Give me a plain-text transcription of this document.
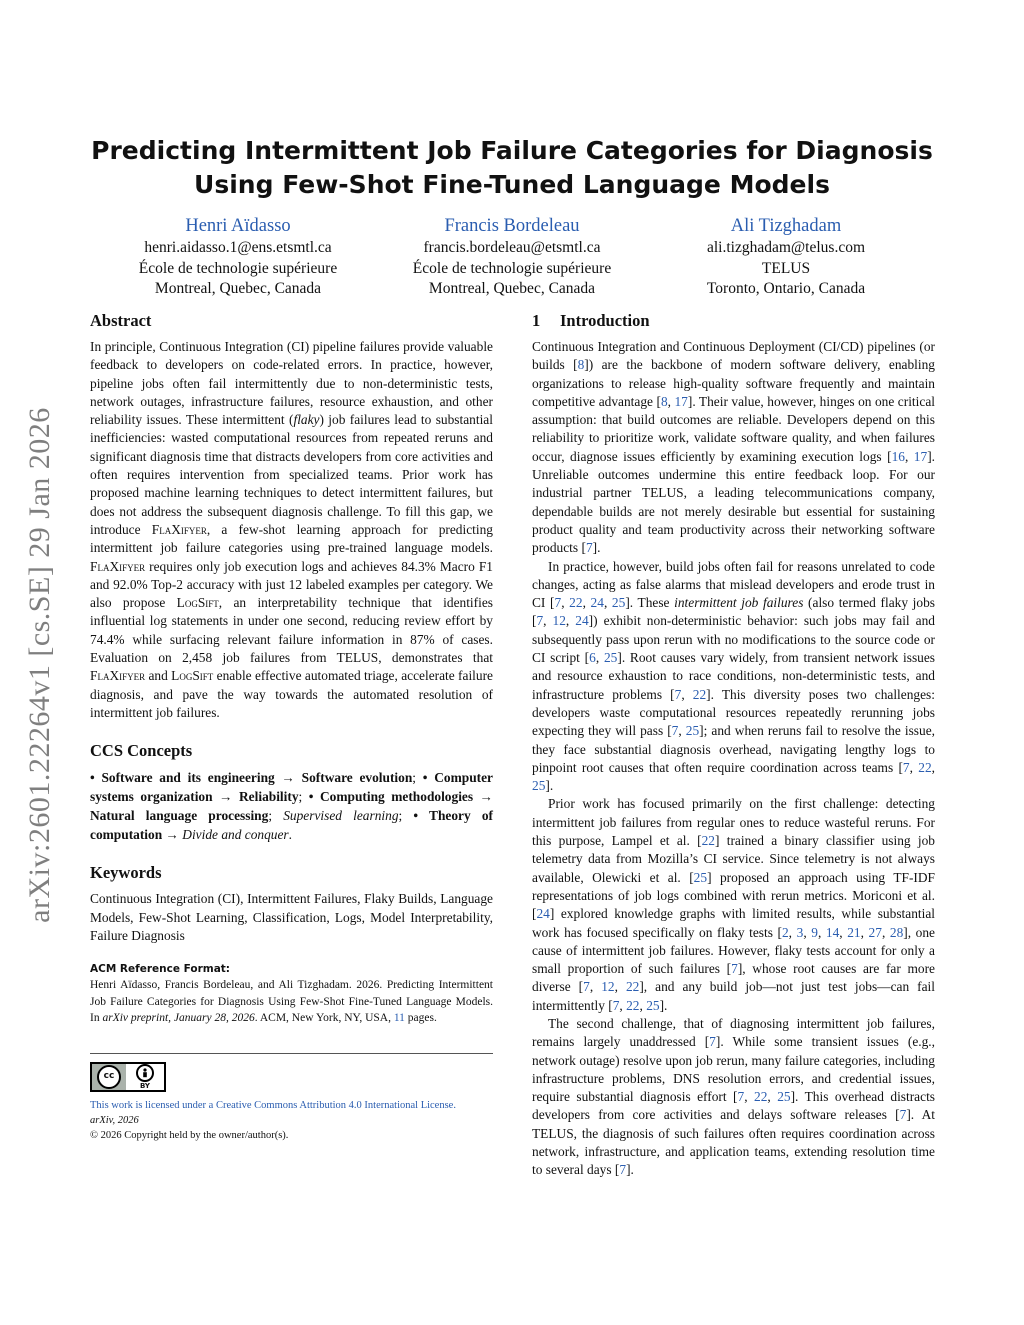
arXiv:2601.22264v1 [cs.SE] 29 Jan 2026
Predicting Intermittent Job Failure Categories for Diagnosis
Using Few-Shot Fine-Tuned Language Models
Henri Aïdasso
henri.aidasso.1@ens.etsmtl.ca
École de technologie supérieure
Montreal, Quebec, Canada
Francis Bordeleau
francis.bordeleau@etsmtl.ca
École de technologie supérieure
Montreal, Quebec, Canada
Ali Tizghadam
ali.tizghadam@telus.com
TELUS
Toronto, Ontario, Canada
Abstract

In principle, Continuous Integration (CI) pipeline failures provide valuable feedback to developers on code-related errors. In practice, however, pipeline jobs often fail intermittently due to non-deterministic tests, network outages, infrastructure failures, resource exhaustion, and other reliability issues. These intermittent (flaky) job failures lead to substantial inefficiencies: wasted computational resources from repeated reruns and significant diagnosis time that distracts developers from core activities and often requires intervention from specialized teams. Prior work has proposed machine learning techniques to detect intermittent failures, but does not address the subsequent diagnosis challenge. To fill this gap, we introduce FlaXifyer, a few-shot learning approach for predicting intermittent job failure categories using pre-trained language models. FlaXifyer requires only job execution logs and achieves 84.3% Macro F1 and 92.0% Top-2 accuracy with just 12 labeled examples per category. We also propose LogSift, an interpretability technique that identifies influential log statements in under one second, reducing review effort by 74.4% while surfacing relevant failure information in 87% of cases. Evaluation on 2,458 job failures from TELUS, demonstrates that FlaXifyer and LogSift enable effective automated triage, accelerate failure diagnosis, and pave the way towards the automated resolution of intermittent job failures.

CCS Concepts

• Software and its engineering → Software evolution; • Computer systems organization → Reliability; • Computing methodologies → Natural language processing; Supervised learning; • Theory of computation → Divide and conquer.

Keywords

Continuous Integration (CI), Intermittent Failures, Flaky Builds, Language Models, Few-Shot Learning, Classification, Logs, Model Interpretability, Failure Diagnosis

ACM Reference Format:

Henri Aïdasso, Francis Bordeleau, and Ali Tizghadam. 2026. Predicting Intermittent Job Failure Categories for Diagnosis Using Few-Shot Fine-Tuned Language Models. In arXiv preprint, January 28, 2026. ACM, New York, NY, USA, 11 pages.

cc
BY
This work is licensed under a Creative Commons Attribution 4.0 International License.
arXiv, 2026
© 2026 Copyright held by the owner/author(s).
1 Introduction

Continuous Integration and Continuous Deployment (CI/CD) pipelines (or builds [8]) are the backbone of modern software delivery, enabling organizations to release high-quality software frequently and maintain competitive advantage [8, 17]. Their value, however, hinges on one critical assumption: that build outcomes are reliable. Developers depend on this reliability to prioritize work, validate software quality, and when failures occur, diagnose issues efficiently by examining execution logs [16, 17]. Unreliable outcomes undermine this entire feedback loop. For our industrial partner TELUS, a leading telecommunications company, dependable builds are not merely desirable but essential for sustaining product quality and team productivity across their networking software products [7].

In practice, however, build jobs often fail for reasons unrelated to code changes, acting as false alarms that mislead developers and erode trust in CI [7, 22, 24, 25]. These intermittent job failures (also termed flaky jobs [7, 12, 24]) exhibit non-deterministic behavior: such jobs may fail and subsequently pass upon rerun with no modifications to the source code or CI script [6, 25]. Root causes vary widely, from transient network issues and resource exhaustion to race conditions, non-deterministic tests, and infrastructure problems [7, 22]. This diversity poses two challenges: developers waste computational resources repeatedly rerunning jobs expecting they will pass [7, 25]; and when reruns fail to resolve the issue, they face substantial diagnosis overhead, navigating lengthy logs to pinpoint root causes that often require coordination across teams [7, 22, 25].

Prior work has focused primarily on the first challenge: detecting intermittent job failures from regular ones to reduce wasteful reruns. For this purpose, Lampel et al. [22] trained a binary classifier using job telemetry data from Mozilla’s CI service. Since telemetry is not always available, Olewicki et al. [25] proposed an approach using TF-IDF representations of job logs combined with rerun metrics. Moriconi et al. [24] explored knowledge graphs with limited results, while substantial work has focused specifically on flaky tests [2, 3, 9, 14, 21, 27, 28], one cause of intermittent job failures. However, flaky tests account for only a small proportion of such failures [7], whose root causes are far more diverse [7, 12, 22], and any build job—not just test jobs—can fail intermittently [7, 22, 25].

The second challenge, that of diagnosing intermittent job failures, remains largely unaddressed [7]. While some transient issues (e.g., network outage) resolve upon job rerun, many failure categories, including infrastructure problems, DNS resolution errors, and credential issues, require substantial diagnosis effort [7, 22, 25]. This overhead distracts developers from core activities and delays software releases [7]. At TELUS, the diagnosis of such failures often requires coordination across network, infrastructure, and application teams, extending resolution time to several days [7].
